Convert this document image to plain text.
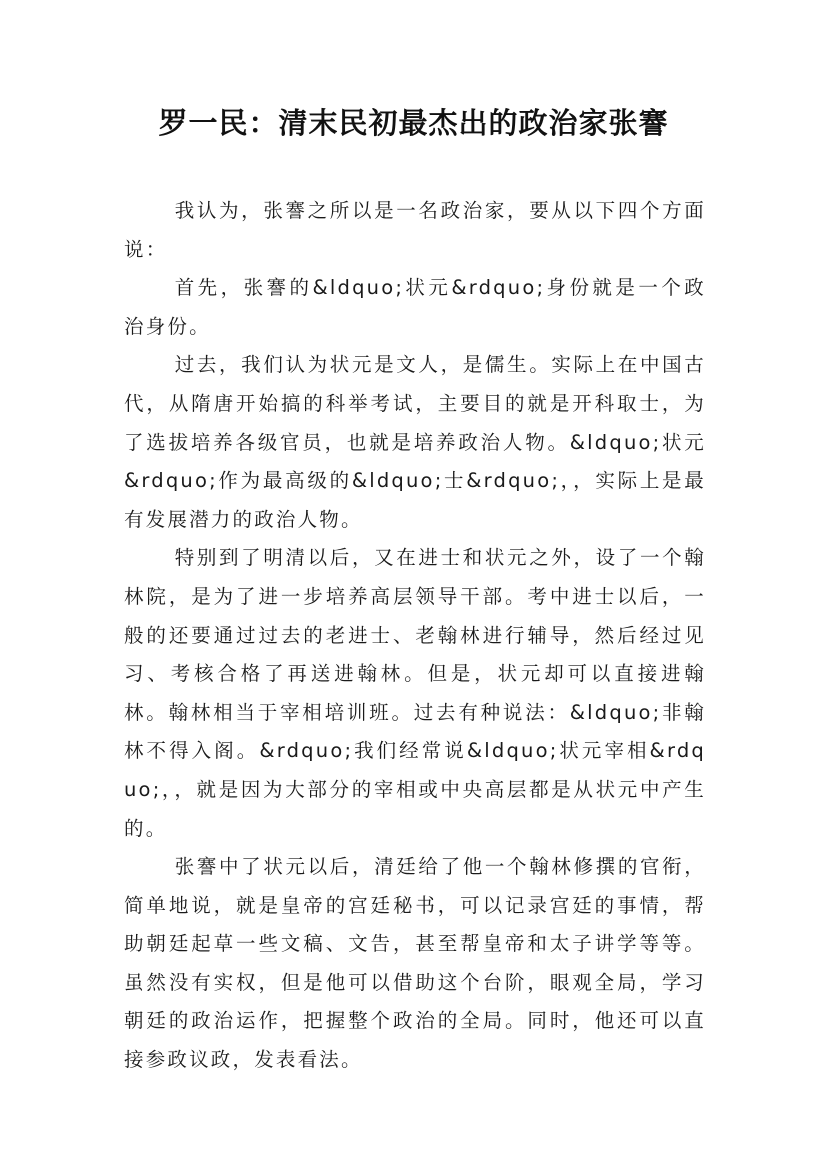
罗一民：清末民初最杰出的政治家张謇

我认为，张謇之所以是一名政治家，要从以下四个方面说：

首先，张謇的&ldquo;状元&rdquo;身份就是一个政治身份。

过去，我们认为状元是文人，是儒生。实际上在中国古代，从隋唐开始搞的科举考试，主要目的就是开科取士，为了选拔培养各级官员，也就是培养政治人物。&ldquo;状元&rdquo;作为最高级的&ldquo;士&rdquo;，，实际上是最有发展潜力的政治人物。

特别到了明清以后，又在进士和状元之外，设了一个翰林院，是为了进一步培养高层领导干部。考中进士以后，一般的还要通过过去的老进士、老翰林进行辅导，然后经过见习、考核合格了再送进翰林。但是，状元却可以直接进翰林。翰林相当于宰相培训班。过去有种说法：&ldquo;非翰林不得入阁。&rdquo;我们经常说&ldquo;状元宰相&rdquo;，，就是因为大部分的宰相或中央高层都是从状元中产生的。

张謇中了状元以后，清廷给了他一个翰林修撰的官衔，简单地说，就是皇帝的宫廷秘书，可以记录宫廷的事情，帮助朝廷起草一些文稿、文告，甚至帮皇帝和太子讲学等等。虽然没有实权，但是他可以借助这个台阶，眼观全局，学习朝廷的政治运作，把握整个政治的全局。同时，他还可以直接参政议政，发表看法。
